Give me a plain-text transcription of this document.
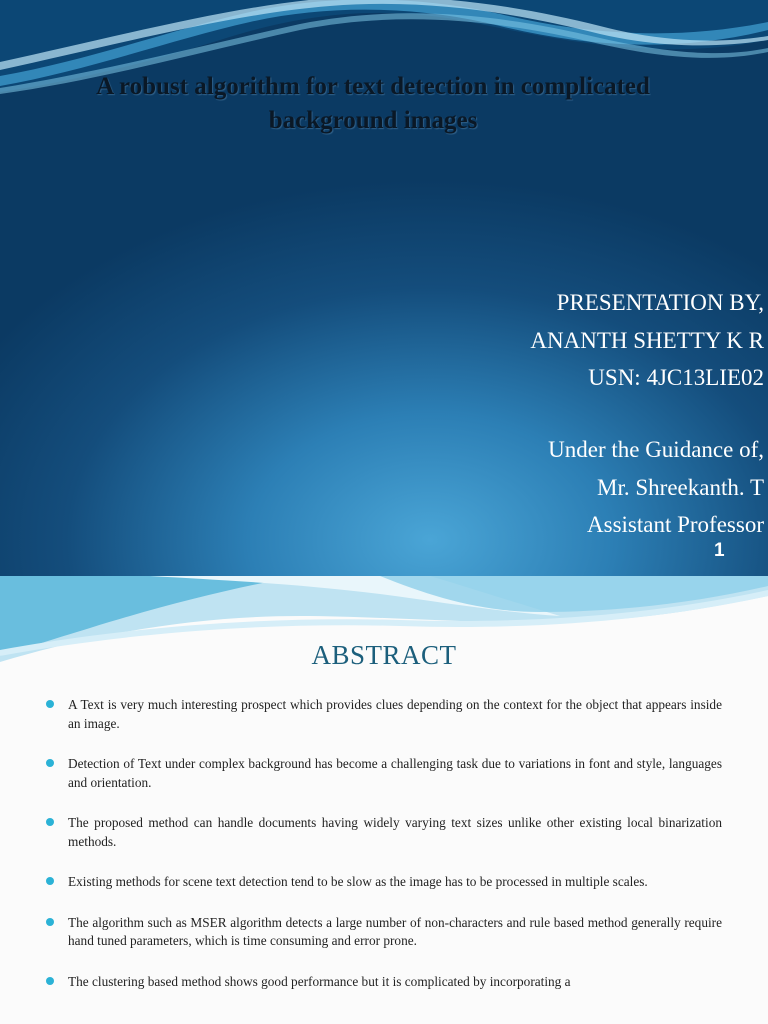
A robust algorithm for text detection in complicated background images
PRESENTATION BY,
ANANTH SHETTY K R
USN: 4JC13LIE02
Under the Guidance of,
Mr. Shreekanth. T
Assistant Professor
1
ABSTRACT
A Text is very much interesting prospect which provides clues depending on the context for the object that appears inside an image.
Detection of Text under complex background has become a challenging task due to variations in font and style, languages and orientation.
The proposed method can handle documents having widely varying text sizes unlike other existing local binarization methods.
Existing methods for scene text detection tend to be slow as the image has to be processed in multiple scales.
The algorithm such as MSER algorithm detects a large number of non-characters and rule based method generally require hand tuned parameters, which is time consuming and error prone.
The clustering based method shows good performance but it is complicated by incorporating a
